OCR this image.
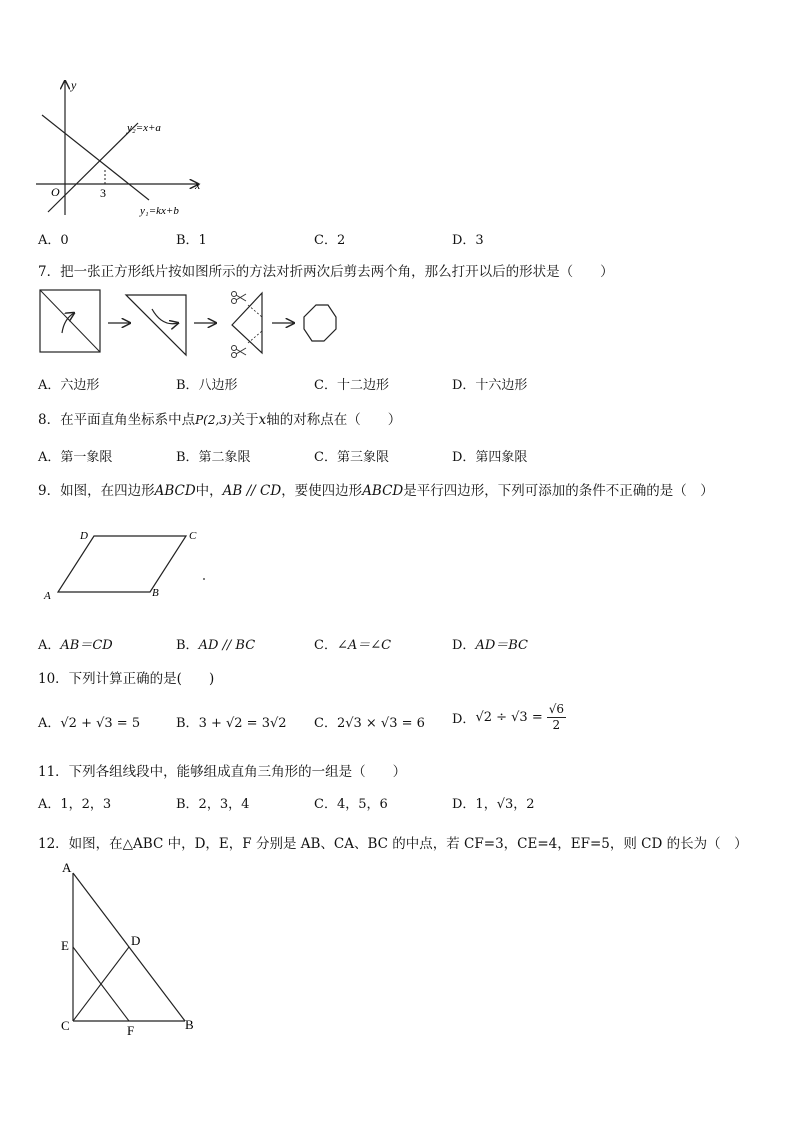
y
x
O	3
y₂=x+a
y₁=kx+b
A．0	B．1	C．2	D．3
7．把一张正方形纸片按如图所示的方法对折两次后剪去两个角，那么打开以后的形状是（　　）
A．六边形	B．八边形	C．十二边形	D．十六边形
8．在平面直角坐标系中点P(2,3)关于x轴的对称点在（　　）
A．第一象限	B．第二象限	C．第三象限	D．第四象限
9．如图，在四边形ABCD中，AB // CD，要使四边形ABCD是平行四边形，下列可添加的条件不正确的是（　）
A	B
C
D
A．AB＝CD	B．AD // BC	C．∠A＝∠C	D．AD＝BC
10．下列计算正确的是(　　)
A．√2 + √3 = 5	B．3 + √2 = 3√2 C．2√3 × √3 = 6 D． $√2 \div √3 = \frac{√6}{2}$
11．下列各组线段中，能够组成直角三角形的一组是（　　）
A．1，2，3	B．2，3，4	C．4，5，6	D．1，√3，2
12．如图，在△ABC 中，D，E，F 分别是 AB、CA、BC 的中点，若 CF=3，CE=4，EF=5，则 CD 的长为（　）
A
E	D
C	F	B
